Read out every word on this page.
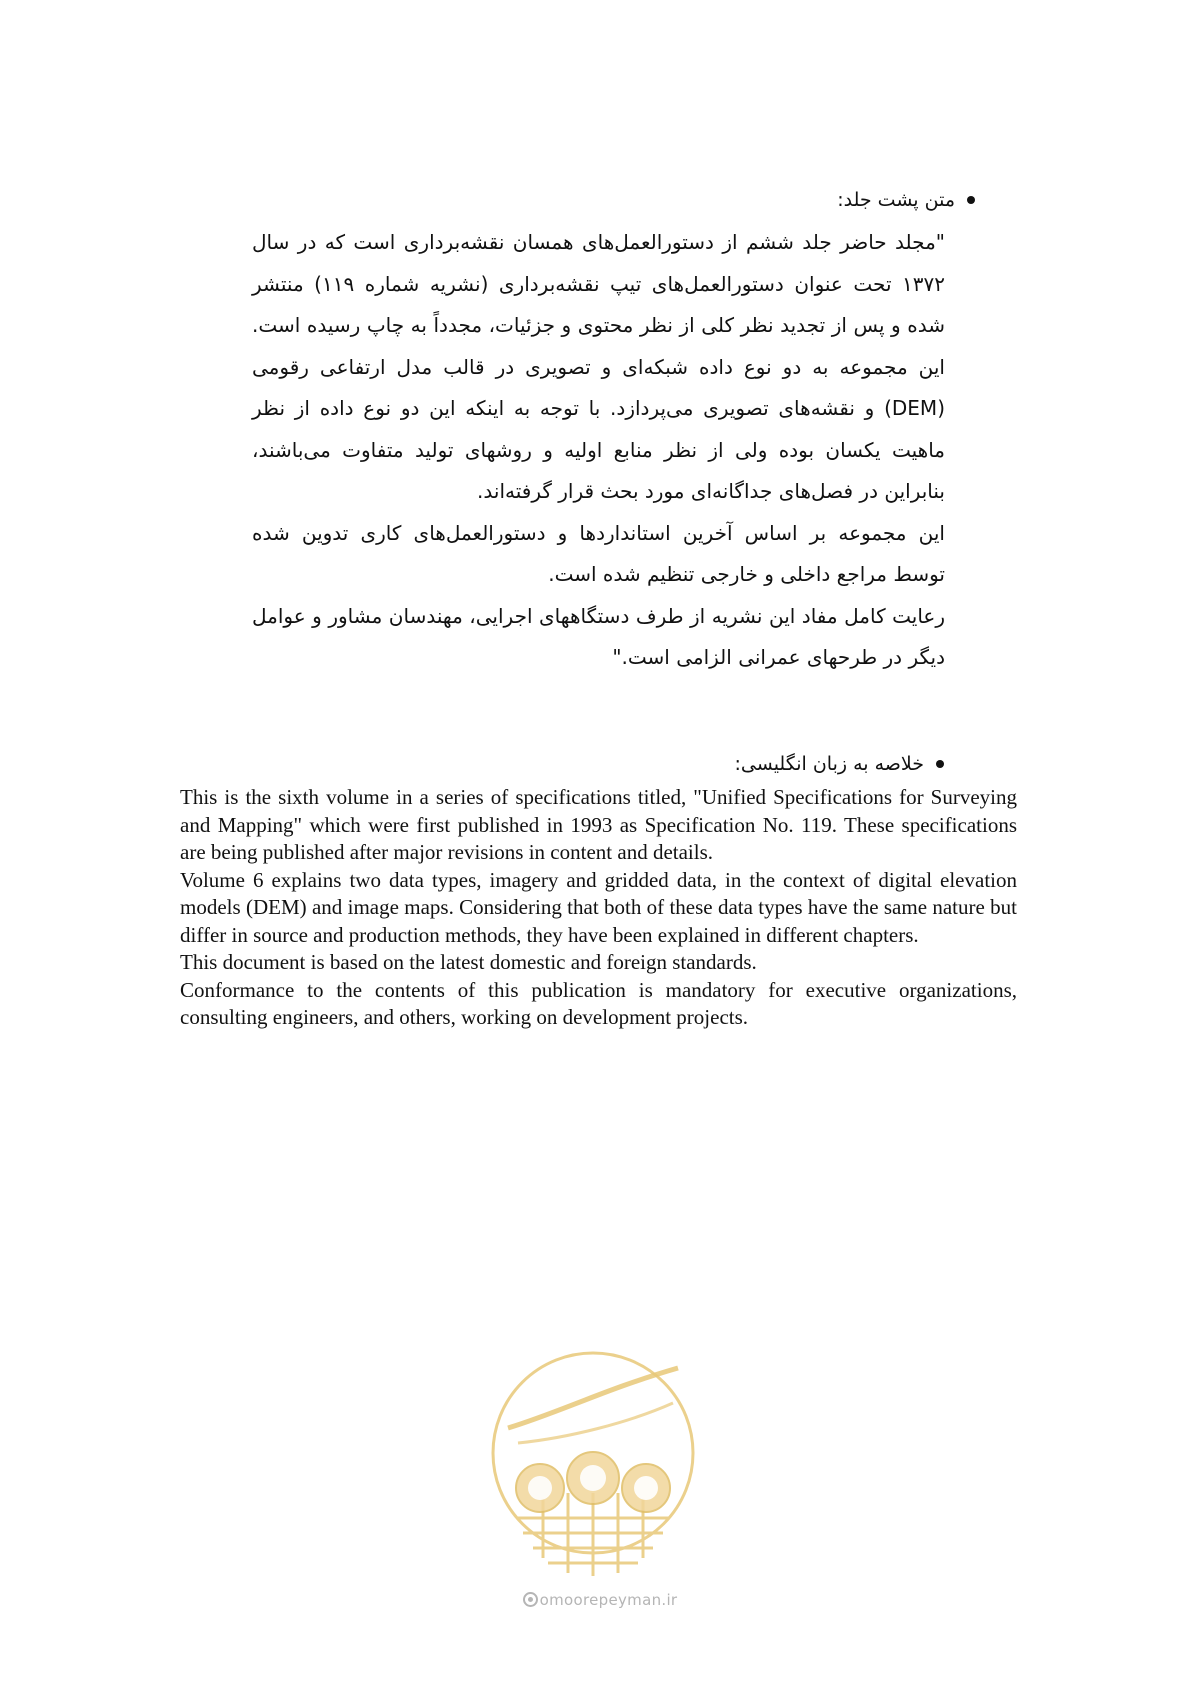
متن پشت جلد:

"مجلد حاضر جلد ششم از دستورالعمل‌های همسان نقشه‌برداری است که در سال ۱۳۷۲ تحت عنوان دستورالعمل‌های تیپ نقشه‌برداری (نشریه شماره ۱۱۹) منتشر شده و پس از تجدید نظر کلی از نظر محتوی و جزئیات، مجدداً به چاپ رسیده است. این مجموعه به دو نوع داده شبکه‌ای و تصویری در قالب مدل ارتفاعی رقومی (DEM) و نقشه‌های تصویری می‌پردازد. با توجه به اینکه این دو نوع داده از نظر ماهیت یکسان بوده ولی از نظر منابع اولیه و روشهای تولید متفاوت می‌باشند، بنابراین در فصل‌های جداگانه‌ای مورد بحث قرار گرفته‌اند.

این مجموعه بر اساس آخرین استانداردها و دستورالعمل‌های کاری تدوین شده توسط مراجع داخلی و خارجی تنظیم شده است.

رعایت کامل مفاد این نشریه از طرف دستگاههای اجرایی، مهندسان مشاور و عوامل دیگر در طرحهای عمرانی الزامی است."

خلاصه به زبان انگلیسی:

This is the sixth volume in a series of specifications titled, "Unified Specifications for Surveying and Mapping" which were first published in 1993 as Specification No. 119. These specifications are being published after major revisions in content and details.

Volume 6 explains two data types, imagery and gridded data, in the context of digital elevation models (DEM) and image maps. Considering that both of these data types have the same nature but differ in source and production methods, they have been explained in different chapters.

This document is based on the latest domestic and foreign standards.

Conformance to the contents of this publication is mandatory for executive organizations, consulting engineers, and others, working on development projects.

omoorepeyman.ir
